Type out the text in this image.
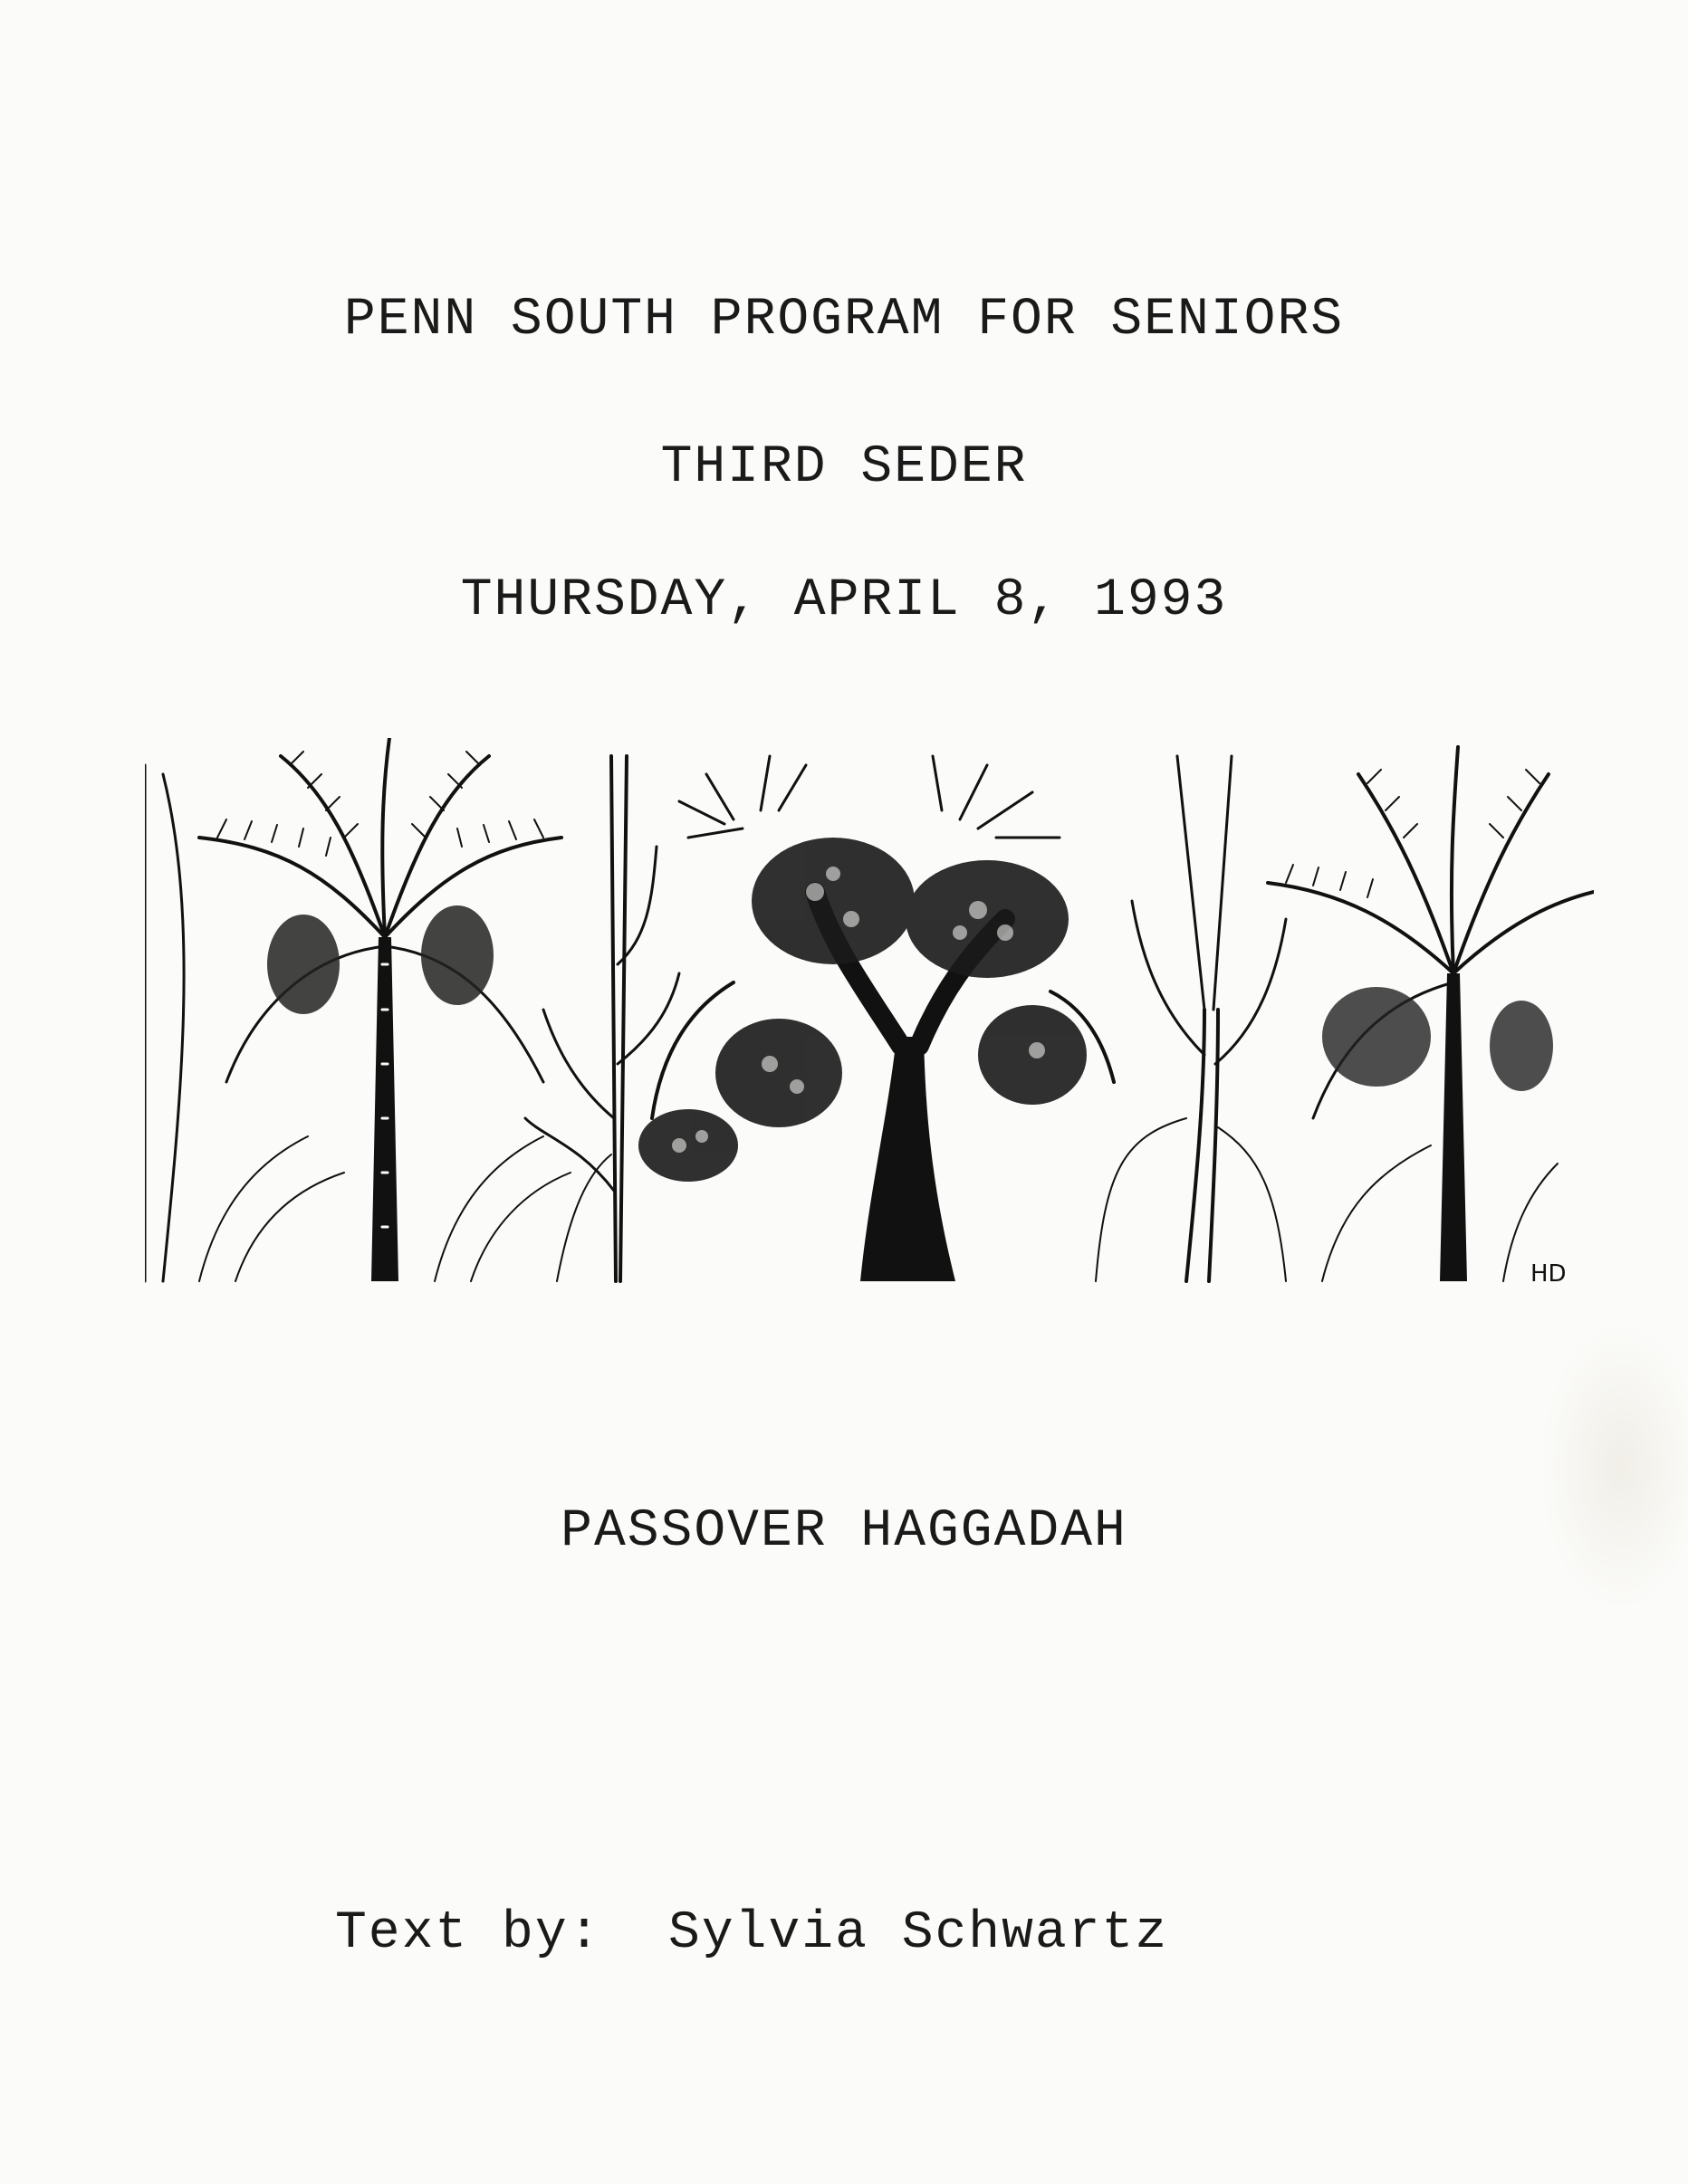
PENN SOUTH PROGRAM FOR SENIORS
THIRD SEDER
THURSDAY, APRIL 8, 1993
HD
PASSOVER HAGGADAH
Text by:  Sylvia Schwartz
